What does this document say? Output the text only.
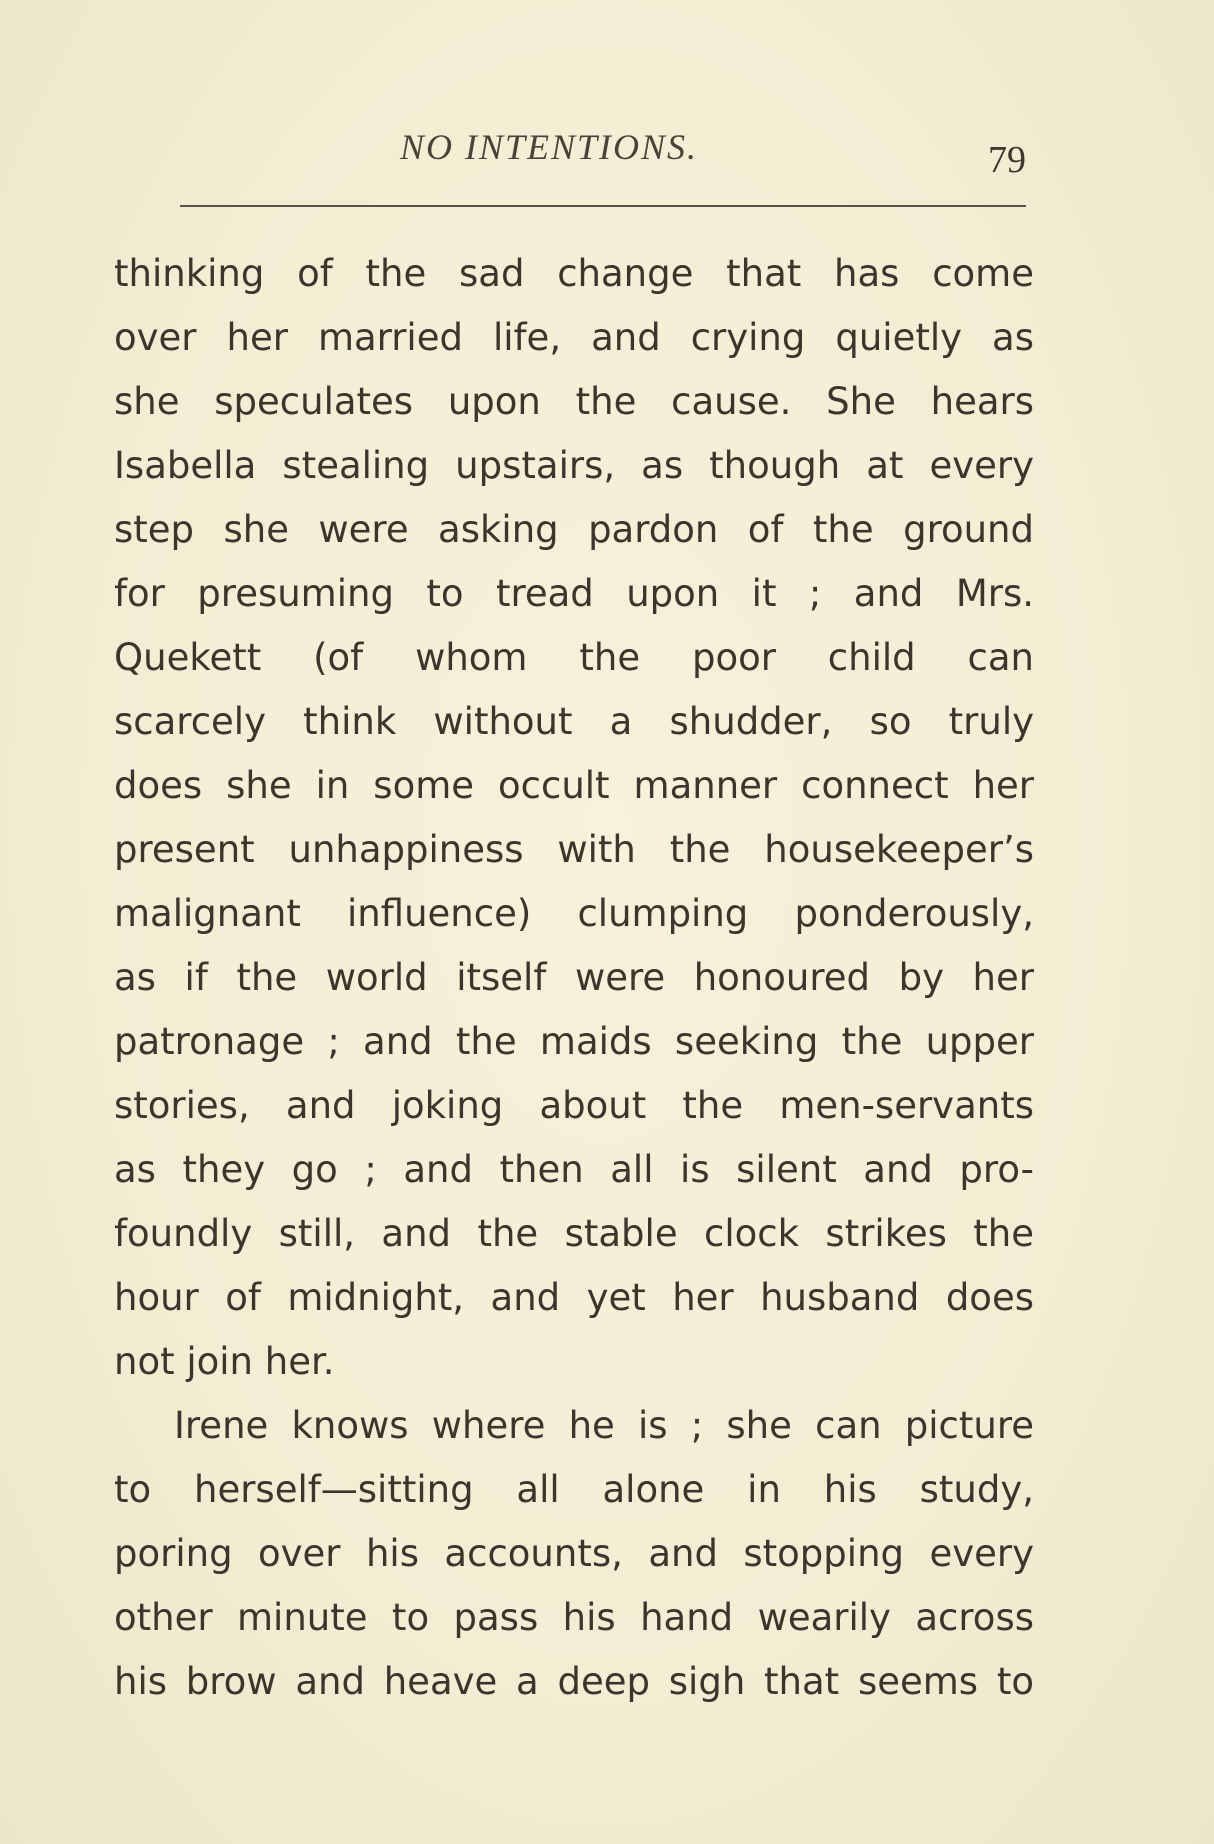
NO INTENTIONS.	79
thinking of the sad change that has come
over her married life, and crying quietly as
she speculates upon the cause. She hears
Isabella stealing upstairs, as though at every
step she were asking pardon of the ground
for presuming to tread upon it ; and Mrs.
Quekett (of whom the poor child can
scarcely think without a shudder, so truly
does she in some occult manner connect her
present unhappiness with the housekeeper’s
malignant influence) clumping ponderously,
as if the world itself were honoured by her
patronage ; and the maids seeking the upper
stories, and joking about the men-servants
as they go ; and then all is silent and pro-
foundly still, and the stable clock strikes the
hour of midnight, and yet her husband does
not join her.
Irene knows where he is ; she can picture
to herself—sitting all alone in his study,
poring over his accounts, and stopping every
other minute to pass his hand wearily across
his brow and heave a deep sigh that seems to
